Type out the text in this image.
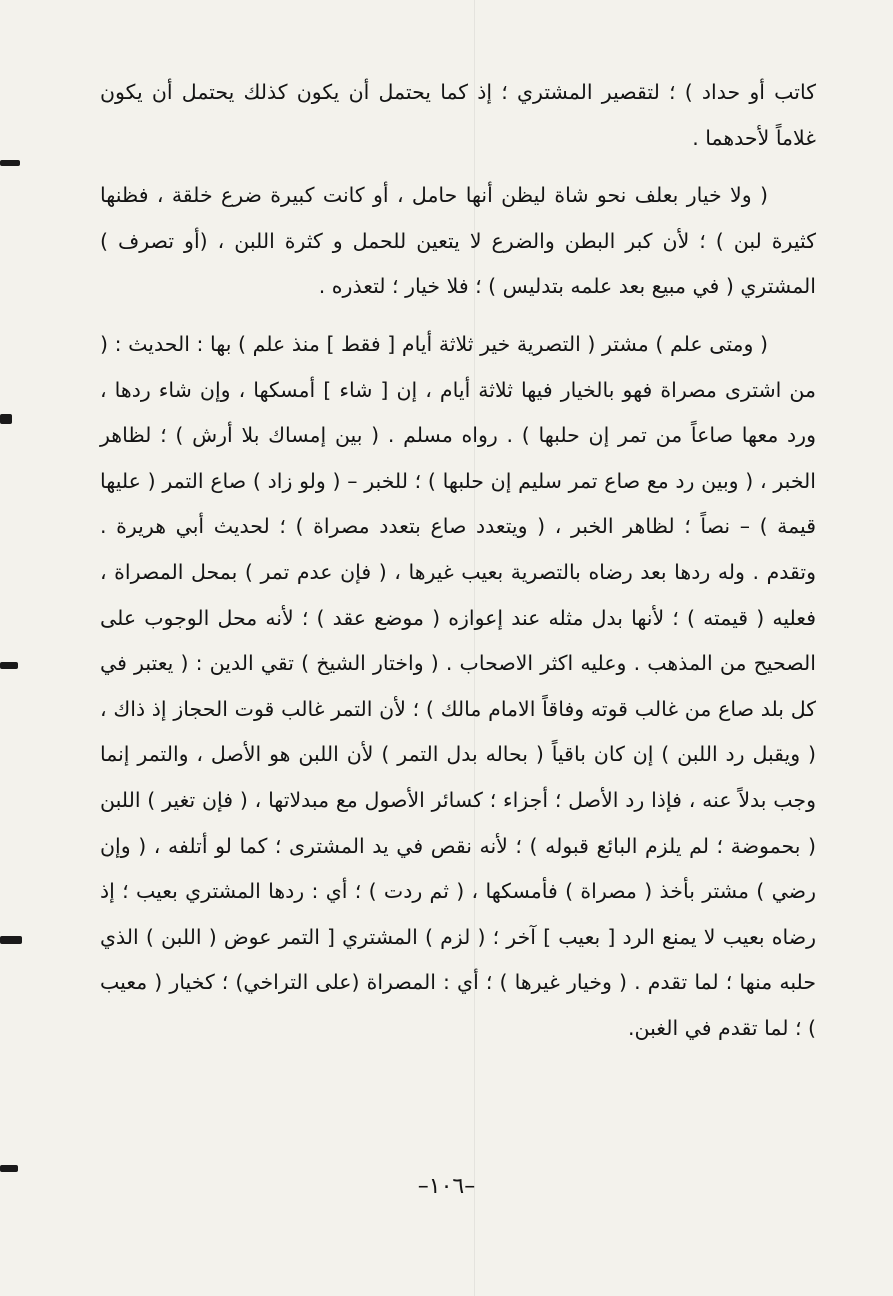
كاتب أو حداد ) ؛ لتقصير المشتري ؛ إذ كما يحتمل أن يكون كذلك يحتمل أن يكون غلاماً لأحدهما .

( ولا خيار بعلف نحو شاة ليظن أنها حامل ، أو كانت كبيرة ضرع خلقة ، فظنها كثيرة لبن ) ؛ لأن كبر البطن والضرع لا يتعين للحمل و كثرة اللبن ، (أو تصرف ) المشتري ( في مبيع بعد علمه بتدليس ) ؛ فلا خيار ؛ لتعذره .

( ومتى علم ) مشتر ( التصرية خير ثلاثة أيام [ فقط ] منذ علم ) بها : الحديث : ( من اشترى مصراة فهو بالخيار فيها ثلاثة أيام ، إن [ شاء ] أمسكها ، وإن شاء ردها ، ورد معها صاعاً من تمر إن حلبها ) . رواه مسلم . ( بين إمساك بلا أرش ) ؛ لظاهر الخبر ، ( وبين رد مع صاع تمر سليم إن حلبها ) ؛ للخبر – ( ولو زاد ) صاع التمر ( عليها قيمة ) – نصاً ؛ لظاهر الخبر ، ( ويتعدد صاع بتعدد مصراة ) ؛ لحديث أبي هريرة . وتقدم . وله ردها بعد رضاه بالتصرية بعيب غيرها ، ( فإن عدم تمر ) بمحل المصراة ، فعليه ( قيمته ) ؛ لأنها بدل مثله عند إعوازه ( موضع عقد ) ؛ لأنه محل الوجوب على الصحيح من المذهب . وعليه اكثر الاصحاب . ( واختار الشيخ ) تقي الدين : ( يعتبر في كل بلد صاع من غالب قوته وفاقاً الامام مالك ) ؛ لأن التمر غالب قوت الحجاز إذ ذاك ، ( ويقبل رد اللبن ) إن كان باقياً ( بحاله بدل التمر ) لأن اللبن هو الأصل ، والتمر إنما وجب بدلاً عنه ، فإذا رد الأصل ؛ أجزاء ؛ كسائر الأصول مع مبدلاتها ، ( فإن تغير ) اللبن ( بحموضة ؛ لم يلزم البائع قبوله ) ؛ لأنه نقص في يد المشترى ؛ كما لو أتلفه ، ( وإن رضي ) مشتر بأخذ ( مصراة ) فأمسكها ، ( ثم ردت ) ؛ أي : ردها المشتري بعيب ؛ إذ رضاه بعيب لا يمنع الرد [ بعيب ] آخر ؛ ( لزم ) المشتري [ التمر عوض ( اللبن ) الذي حلبه منها ؛ لما تقدم . ( وخيار غيرها ) ؛ أي : المصراة (على التراخي) ؛ كخيار ( معيب ) ؛ لما تقدم في الغبن.

–١٠٦–
